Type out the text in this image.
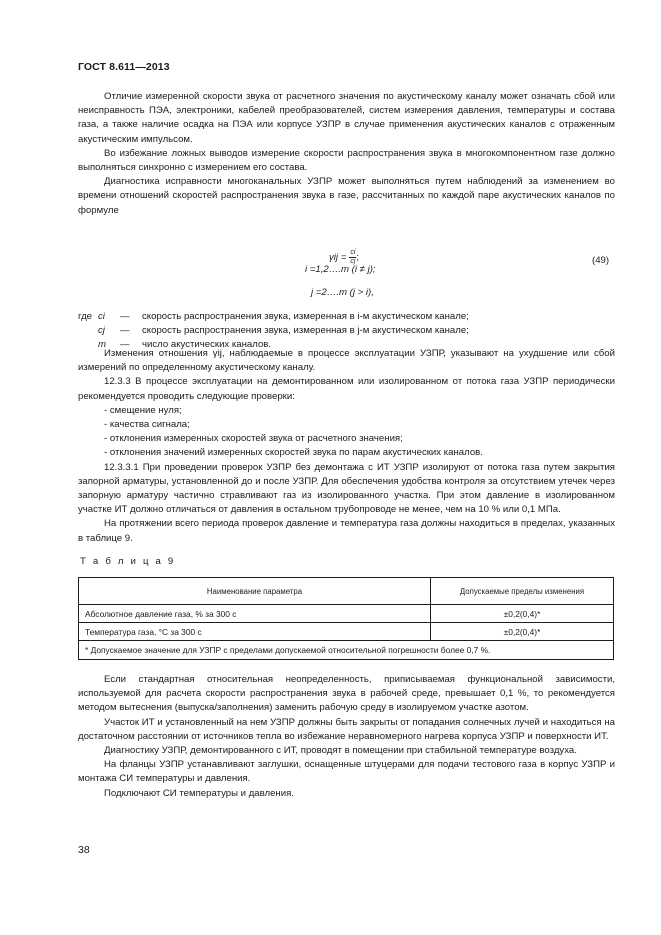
ГОСТ 8.611—2013

Отличие измеренной скорости звука от расчетного значения по акустическому каналу может означать сбой или неисправность ПЭА, электроники, кабелей преобразователей, систем измерения давления, температуры и состава газа, а также наличие осадка на ПЭА или корпусе УЗПР в случае применения акустических каналов с отраженным акустическим импульсом.

Во избежание ложных выводов измерение скорости распространения звука в многокомпонентном газе должно выполняться синхронно с измерением его состава.

Диагностика исправности многоканальных УЗПР может выполняться путем наблюдений за изменением во времени отношений скоростей распространения звука в газе, рассчитанных по каждой паре акустических каналов по формуле

$\gamma ij = \frac{ci}{cj}$;	(49)
i =1,2….m (i ≠ j);
j =2….m (j > i),
где ci — скорость распространения звука, измеренная в i-м акустическом канале;
cj — скорость распространения звука, измеренная в j-м акустическом канале;
m — число акустических каналов.

Изменения отношения γij, наблюдаемые в процессе эксплуатации УЗПР, указывают на ухудшение или сбой измерений по определенному акустическому каналу.

12.3.3 В процессе эксплуатации на демонтированном или изолированном от потока газа УЗПР периодически рекомендуется проводить следующие проверки:

- смещение нуля;

- качества сигнала;

- отклонения измеренных скоростей звука от расчетного значения;

- отклонения значений измеренных скоростей звука по парам акустических каналов.

12.3.3.1 При проведении проверок УЗПР без демонтажа с ИТ УЗПР изолируют от потока газа путем закрытия запорной арматуры, установленной до и после УЗПР. Для обеспечения удобства контроля за отсутствием утечек через запорную арматуру частично стравливают газ из изолированного участка. При этом давление в изолированном участке ИТ должно отличаться от давления в остальном трубопроводе не менее, чем на 10 % или 0,1 МПа.

На протяжении всего периода проверок давление и температура газа должны находиться в пределах, указанных в таблице 9.

Т а б л и ц а 9
Наименование параметра	Допускаемые пределы изменения
Абсолютное давление газа, % за 300 с	±0,2(0,4)*
Температура газа, °С за 300 с	±0,2(0,4)*
* Допускаемое значение для УЗПР с пределами допускаемой относительной погрешности более 0,7 %.	

Если стандартная относительная неопределенность, приписываемая функциональной зависимости, используемой для расчета скорости распространения звука в рабочей среде, превышает 0,1 %, то рекомендуется методом вытеснения (выпуска/заполнения) заменить рабочую среду в изолируемом участке азотом.

Участок ИТ и установленный на нем УЗПР должны быть закрыты от попадания солнечных лучей и находиться на достаточном расстоянии от источников тепла во избежание неравномерного нагрева корпуса УЗПР и поверхности ИТ.

Диагностику УЗПР, демонтированного с ИТ, проводят в помещении при стабильной температуре воздуха.

На фланцы УЗПР устанавливают заглушки, оснащенные штуцерами для подачи тестового газа в корпус УЗПР и монтажа СИ температуры и давления.

Подключают СИ температуры и давления.

38
